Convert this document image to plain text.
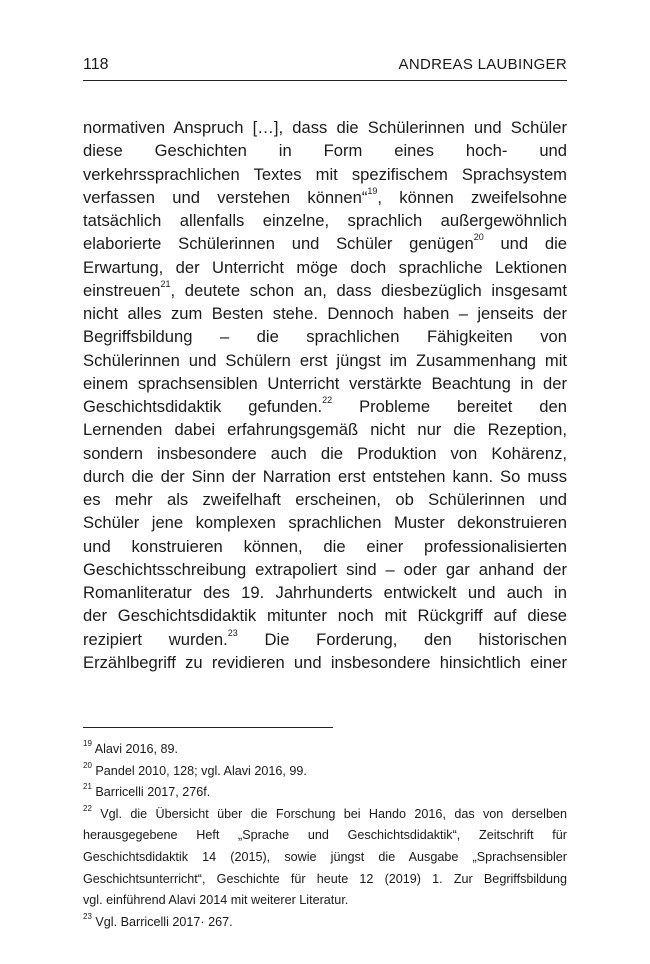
118	ANDREAS LAUBINGER
normativen Anspruch […], dass die Schülerinnen und Schüler
diese Geschichten in Form eines hoch- und
verkehrssprachlichen Textes mit spezifischem Sprachsystem
verfassen und verstehen können“$^{19}$, können zweifelsohne
tatsächlich allenfalls einzelne, sprachlich außergewöhnlich
elaborierte Schülerinnen und Schüler genügen$^{20}$ und die
Erwartung, der Unterricht möge doch sprachliche Lektionen
einstreuen$^{21}$, deutete schon an, dass diesbezüglich insgesamt
nicht alles zum Besten stehe. Dennoch haben – jenseits der
Begriffsbildung – die sprachlichen Fähigkeiten von
Schülerinnen und Schülern erst jüngst im Zusammenhang mit
einem sprachsensiblen Unterricht verstärkte Beachtung in der
Geschichtsdidaktik gefunden.$^{22}$ Probleme bereitet den
Lernenden dabei erfahrungsgemäß nicht nur die Rezeption,
sondern insbesondere auch die Produktion von Kohärenz,
durch die der Sinn der Narration erst entstehen kann. So muss
es mehr als zweifelhaft erscheinen, ob Schülerinnen und
Schüler jene komplexen sprachlichen Muster dekonstruieren
und konstruieren können, die einer professionalisierten
Geschichtsschreibung extrapoliert sind – oder gar anhand der
Romanliteratur des 19. Jahrhunderts entwickelt und auch in
der Geschichtsdidaktik mitunter noch mit Rückgriff auf diese
rezipiert wurden.$^{23}$ Die Forderung, den historischen
Erzählbegriff zu revidieren und insbesondere hinsichtlich einer
$^{19}$ Alavi 2016, 89.
$^{20}$ Pandel 2010, 128; vgl. Alavi 2016, 99.
$^{21}$ Barricelli 2017, 276f.
$^{22}$ Vgl. die Übersicht über die Forschung bei Hando 2016, das von derselben
herausgegebene Heft „Sprache und Geschichtsdidaktik“, Zeitschrift für
Geschichtsdidaktik 14 (2015), sowie jüngst die Ausgabe „Sprachsensibler
Geschichtsunterricht“, Geschichte für heute 12 (2019) 1. Zur Begriffsbildung
vgl. einführend Alavi 2014 mit weiterer Literatur.
$^{23}$ Vgl. Barricelli 2017· 267.
